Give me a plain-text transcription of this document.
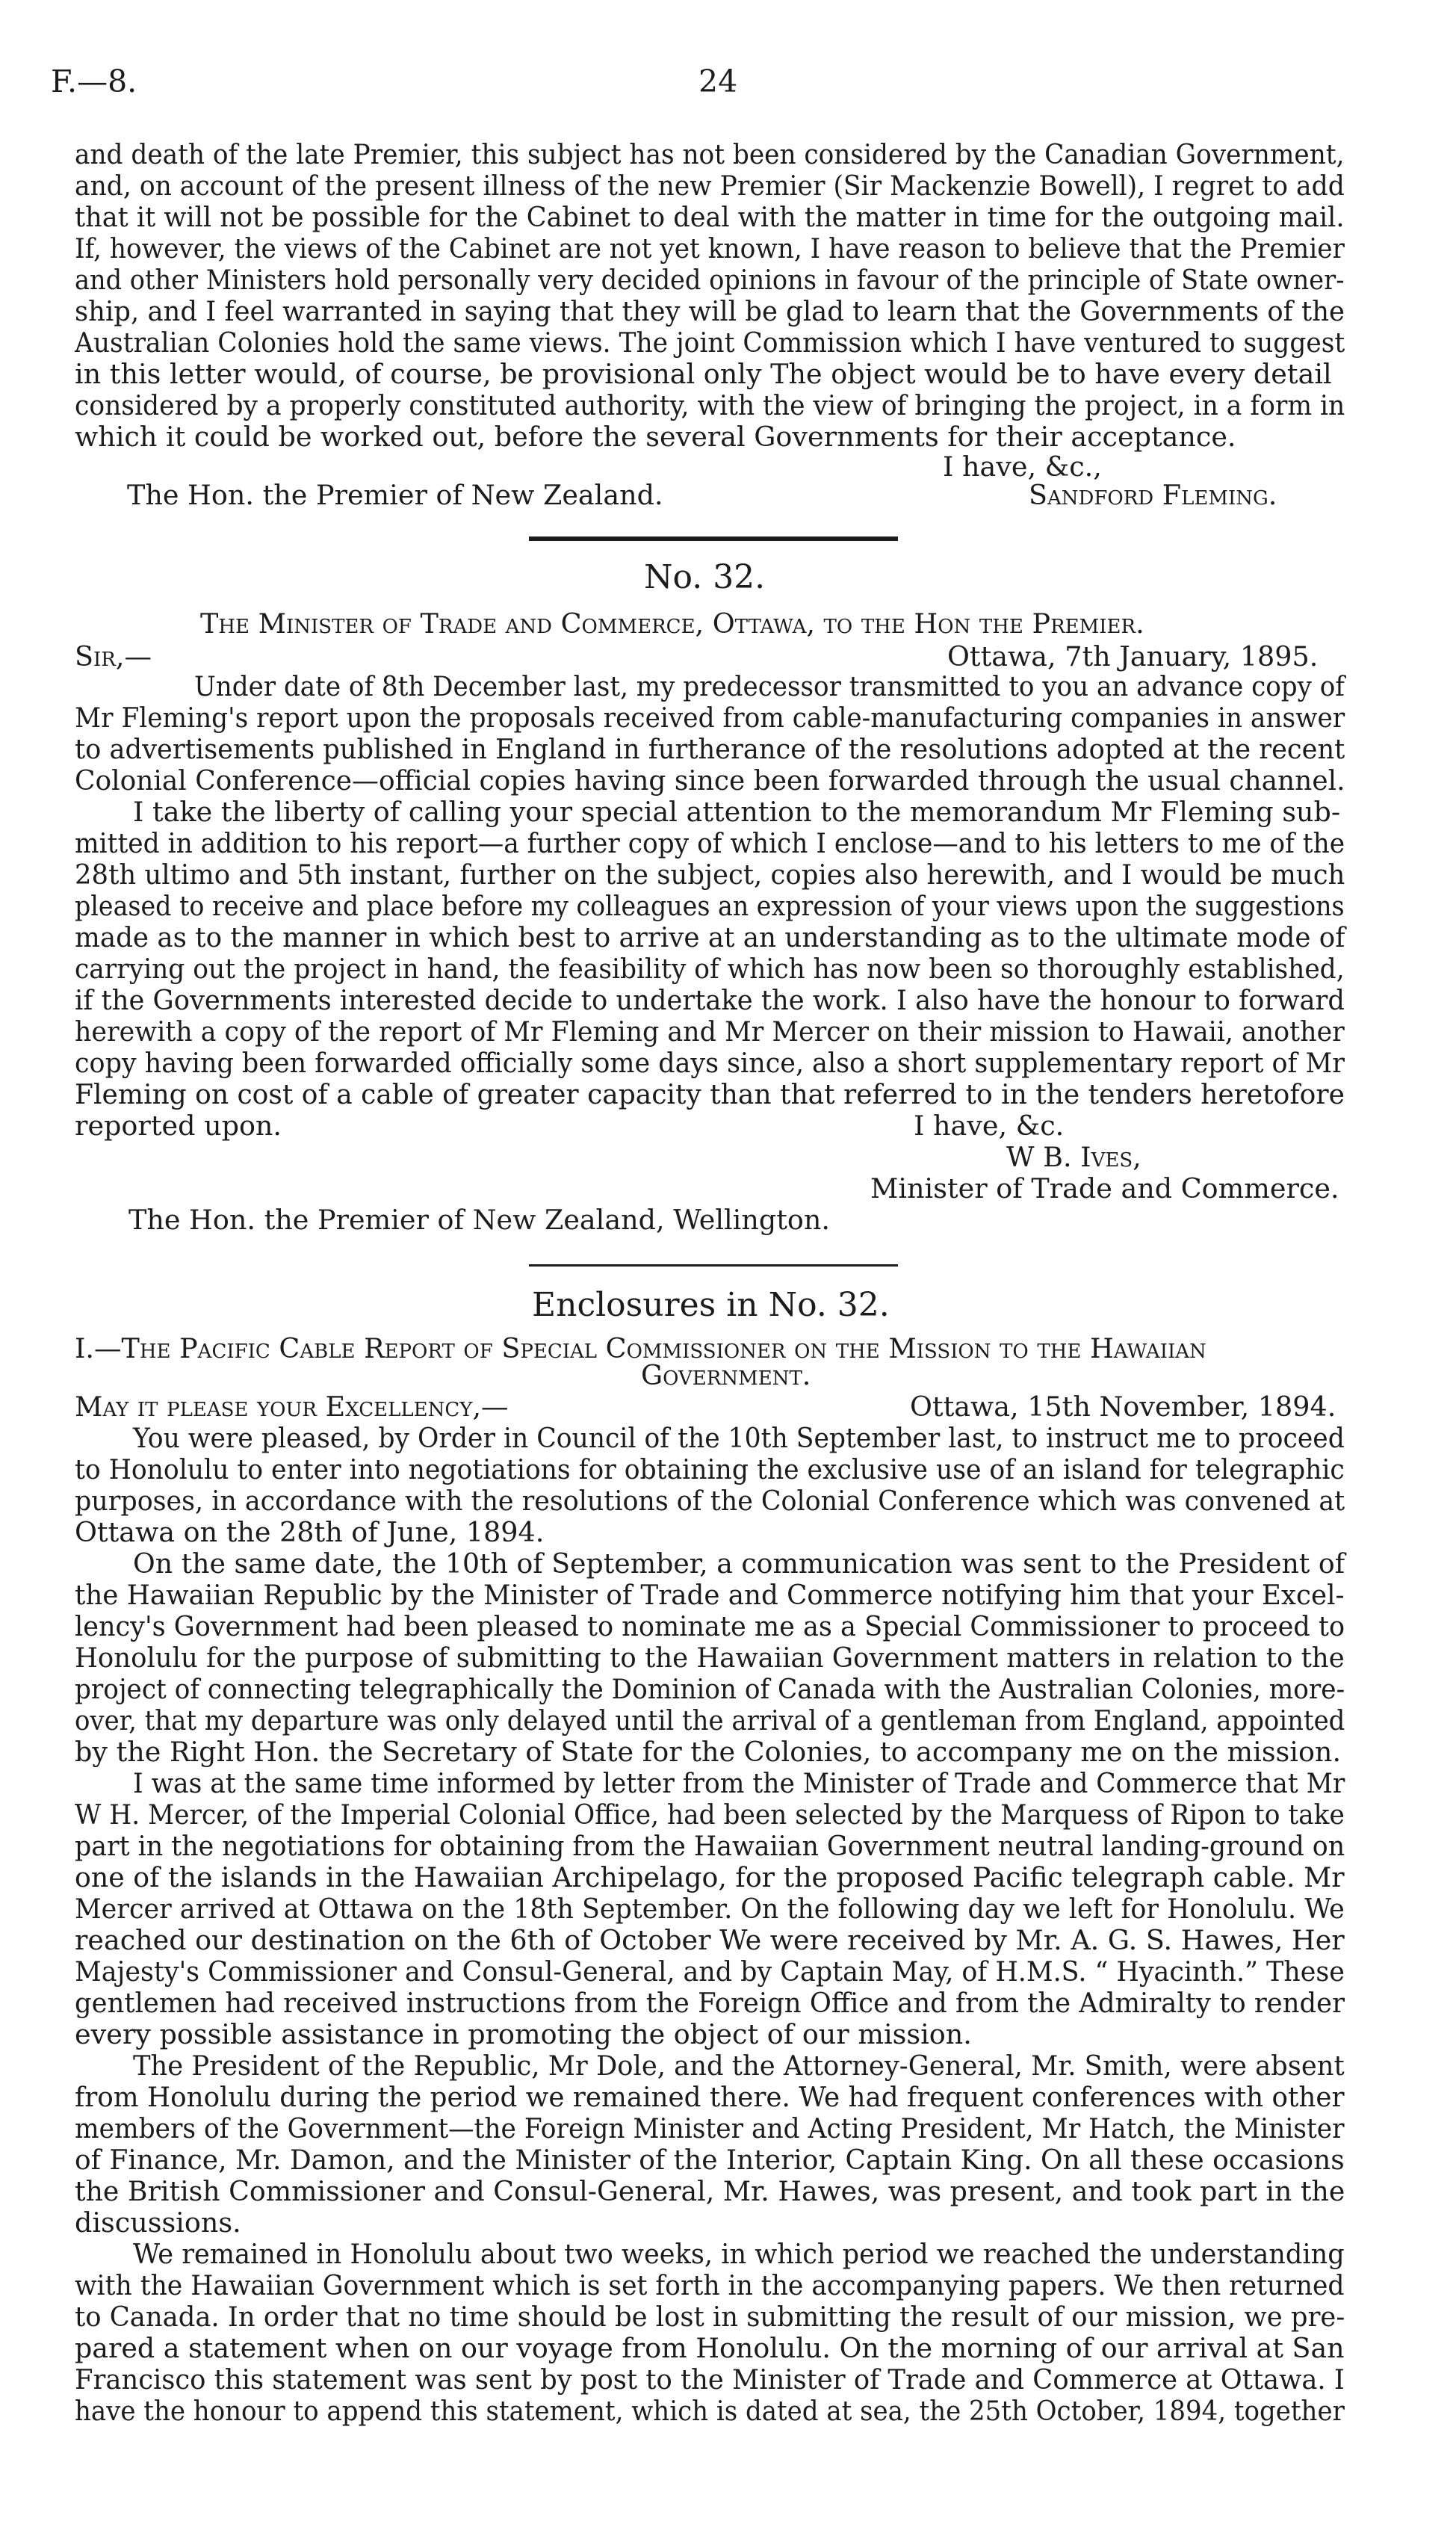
F.—8.	24
and death of the late Premier, this subject has not been considered by the Canadian Government,
and, on account of the present illness of the new Premier (Sir Mackenzie Bowell), I regret to add
that it will not be possible for the Cabinet to deal with the matter in time for the outgoing mail.
If, however, the views of the Cabinet are not yet known, I have reason to believe that the Premier
and other Ministers hold personally very decided opinions in favour of the principle of State owner-
ship, and I feel warranted in saying that they will be glad to learn that the Governments of the
Australian Colonies hold the same views. The joint Commission which I have ventured to suggest
in this letter would, of course, be provisional only The object would be to have every detail
considered by a properly constituted authority, with the view of bringing the project, in a form in
which it could be worked out, before the several Governments for their acceptance.
I have, &c.,
The Hon. the Premier of New Zealand.	Sandford Fleming.
No. 32.
The Minister of Trade and Commerce, Ottawa, to the Hon the Premier.
Sir,—	Ottawa, 7th January, 1895.
Under date of 8th December last, my predecessor transmitted to you an advance copy of
Mr Fleming's report upon the proposals received from cable-manufacturing companies in answer
to advertisements published in England in furtherance of the resolutions adopted at the recent
Colonial Conference—official copies having since been forwarded through the usual channel.
I take the liberty of calling your special attention to the memorandum Mr Fleming sub-
mitted in addition to his report—a further copy of which I enclose—and to his letters to me of the
28th ultimo and 5th instant, further on the subject, copies also herewith, and I would be much
pleased to receive and place before my colleagues an expression of your views upon the suggestions
made as to the manner in which best to arrive at an understanding as to the ultimate mode of
carrying out the project in hand, the feasibility of which has now been so thoroughly established,
if the Governments interested decide to undertake the work. I also have the honour to forward
herewith a copy of the report of Mr Fleming and Mr Mercer on their mission to Hawaii, another
copy having been forwarded officially some days since, also a short supplementary report of Mr
Fleming on cost of a cable of greater capacity than that referred to in the tenders heretofore
reported upon.	I have, &c.
W B. Ives,
Minister of Trade and Commerce.
The Hon. the Premier of New Zealand, Wellington.
Enclosures in No. 32.
I.—The Pacific Cable Report of Special Commissioner on the Mission to the Hawaiian
Government.
May it please your Excellency,—	Ottawa, 15th November, 1894.
You were pleased, by Order in Council of the 10th September last, to instruct me to proceed
to Honolulu to enter into negotiations for obtaining the exclusive use of an island for telegraphic
purposes, in accordance with the resolutions of the Colonial Conference which was convened at
Ottawa on the 28th of June, 1894.
On the same date, the 10th of September, a communication was sent to the President of
the Hawaiian Republic by the Minister of Trade and Commerce notifying him that your Excel-
lency's Government had been pleased to nominate me as a Special Commissioner to proceed to
Honolulu for the purpose of submitting to the Hawaiian Government matters in relation to the
project of connecting telegraphically the Dominion of Canada with the Australian Colonies, more-
over, that my departure was only delayed until the arrival of a gentleman from England, appointed
by the Right Hon. the Secretary of State for the Colonies, to accompany me on the mission.
I was at the same time informed by letter from the Minister of Trade and Commerce that Mr
W H. Mercer, of the Imperial Colonial Office, had been selected by the Marquess of Ripon to take
part in the negotiations for obtaining from the Hawaiian Government neutral landing-ground on
one of the islands in the Hawaiian Archipelago, for the proposed Pacific telegraph cable. Mr
Mercer arrived at Ottawa on the 18th September. On the following day we left for Honolulu. We
reached our destination on the 6th of October We were received by Mr. A. G. S. Hawes, Her
Majesty's Commissioner and Consul-General, and by Captain May, of H.M.S. “ Hyacinth.” These
gentlemen had received instructions from the Foreign Office and from the Admiralty to render
every possible assistance in promoting the object of our mission.
The President of the Republic, Mr Dole, and the Attorney-General, Mr. Smith, were absent
from Honolulu during the period we remained there. We had frequent conferences with other
members of the Government—the Foreign Minister and Acting President, Mr Hatch, the Minister
of Finance, Mr. Damon, and the Minister of the Interior, Captain King. On all these occasions
the British Commissioner and Consul-General, Mr. Hawes, was present, and took part in the
discussions.
We remained in Honolulu about two weeks, in which period we reached the understanding
with the Hawaiian Government which is set forth in the accompanying papers. We then returned
to Canada. In order that no time should be lost in submitting the result of our mission, we pre-
pared a statement when on our voyage from Honolulu. On the morning of our arrival at San
Francisco this statement was sent by post to the Minister of Trade and Commerce at Ottawa. I
have the honour to append this statement, which is dated at sea, the 25th October, 1894, together
